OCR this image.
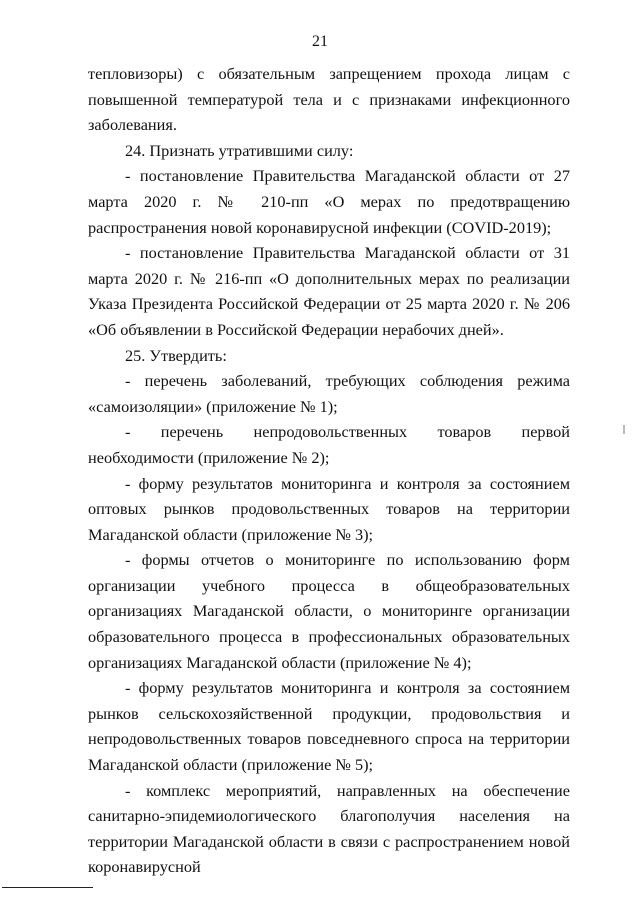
21

тепловизоры) с обязательным запрещением прохода лицам с повышенной температурой тела и с признаками инфекционного заболевания.

24. Признать утратившими силу:

- постановление Правительства Магаданской области от 27 марта 2020 г. № 210-пп «О мерах по предотвращению распространения новой коронавирусной инфекции (COVID-2019);

- постановление Правительства Магаданской области от 31 марта 2020 г. № 216-пп «О дополнительных мерах по реализации Указа Президента Российской Федерации от 25 марта 2020 г. № 206 «Об объявлении в Российской Федерации нерабочих дней».

25. Утвердить:

- перечень заболеваний, требующих соблюдения режима «самоизоляции» (приложение № 1);

- перечень непродовольственных товаров первой необходимости (приложение № 2);

- форму результатов мониторинга и контроля за состоянием оптовых рынков продовольственных товаров на территории Магаданской области (приложение № 3);

- формы отчетов о мониторинге по использованию форм организации учебного процесса в общеобразовательных организациях Магаданской области, о мониторинге организации образовательного процесса в профессиональных образовательных организациях Магаданской области (приложение № 4);

- форму результатов мониторинга и контроля за состоянием рынков сельскохозяйственной продукции, продовольствия и непродовольственных товаров повседневного спроса на территории Магаданской области (приложение № 5);

- комплекс мероприятий, направленных на обеспечение санитарно-эпидемиологического благополучия населения на территории Магаданской области в связи с распространением новой коронавирусной
